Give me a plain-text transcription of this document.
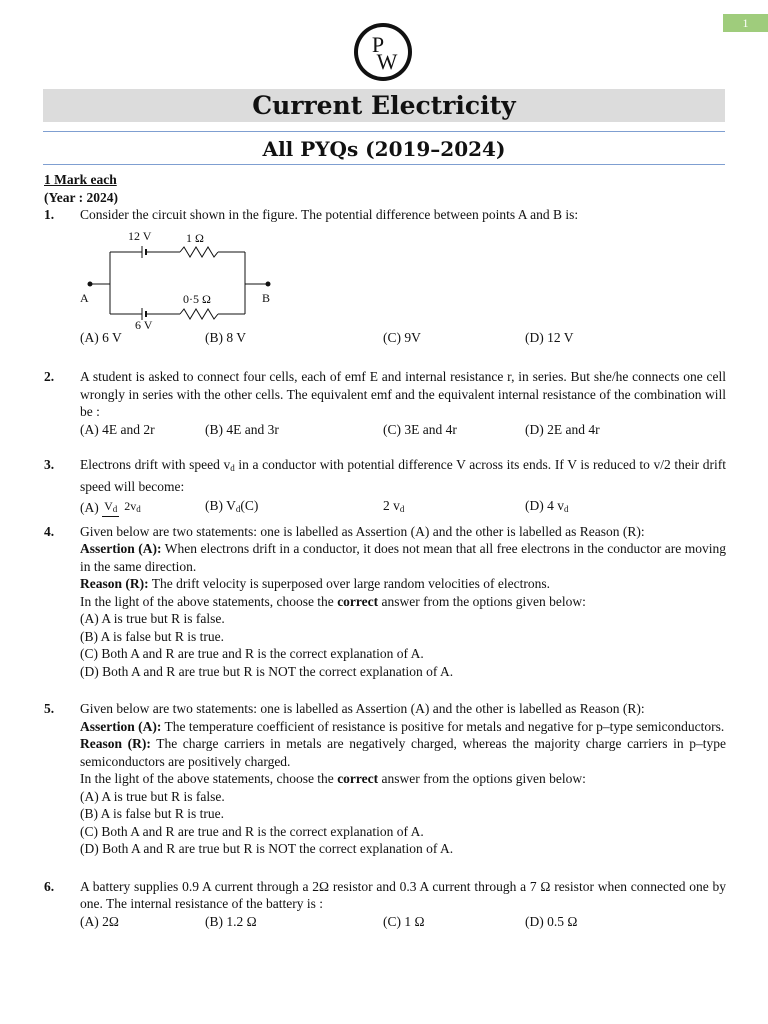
1
P
W
Current Electricity
All PYQs (2019–2024)

1 Mark each

(Year : 2024)

1. Consider the circuit shown in the figure. The potential difference between points A and B is:

12 V	1 Ω
0·5 Ω
6 V
A	B
(A) 6 V	(B) 8 V	(C) 9V	(D) 12 V
2. A student is asked to connect four cells, each of emf E and internal resistance r, in series. But she/he connects one cell wrongly in series with the other cells. The equivalent emf and the equivalent internal resistance of the combination will be :

(A) 4E and 2r	(B) 4E and 3r	(C) 3E and 4r	(D) 2E and 4r
3. Electrons drift with speed $v_d$ in a conductor with potential difference V across its ends. If V is reduced to v/2 their drift speed will become:

(A) Vd 2vd	(B) Vd(C)	2 vd	(D) 4 vd
4. Given below are two statements: one is labelled as Assertion (A) and the other is labelled as Reason (R):

Assertion (A): When electrons drift in a conductor, it does not mean that all free electrons in the conductor are moving in the same direction.

Reason (R): The drift velocity is superposed over large random velocities of electrons.

In the light of the above statements, choose the correct answer from the options given below:

(A) A is true but R is false.

(B) A is false but R is true.

(C) Both A and R are true and R is the correct explanation of A.

(D) Both A and R are true but R is NOT the correct explanation of A.

5. Given below are two statements: one is labelled as Assertion (A) and the other is labelled as Reason (R):

Assertion (A): The temperature coefficient of resistance is positive for metals and negative for p–type semiconductors.

Reason (R): The charge carriers in metals are negatively charged, whereas the majority charge carriers in p–type semiconductors are positively charged.

In the light of the above statements, choose the correct answer from the options given below:

(A) A is true but R is false.

(B) A is false but R is true.

(C) Both A and R are true and R is the correct explanation of A.

(D) Both A and R are true but R is NOT the correct explanation of A.

6. A battery supplies 0.9 A current through a 2Ω resistor and 0.3 A current through a 7 Ω resistor when connected one by one. The internal resistance of the battery is :

(A) 2Ω	(B) 1.2 Ω	(C) 1 Ω	(D) 0.5 Ω
